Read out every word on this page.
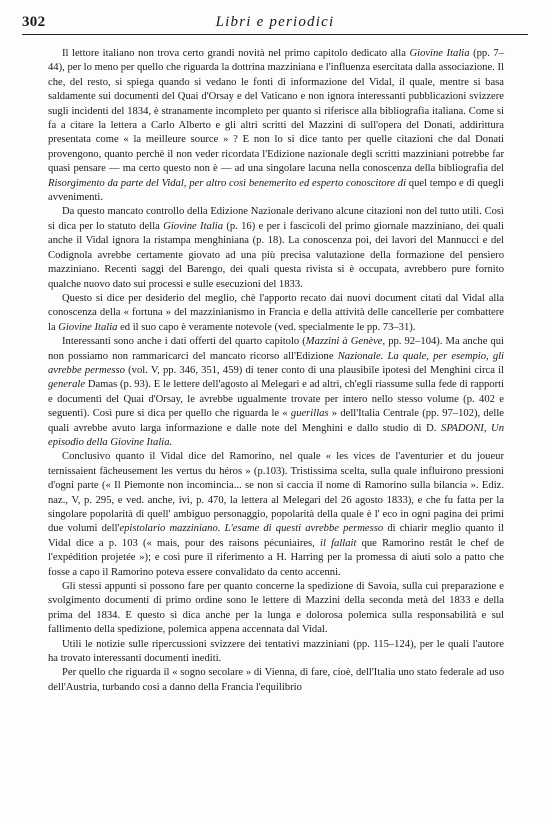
302	Libri e periodici

Il lettore italiano non trova certo grandi novità nel primo capitolo dedicato alla Giovine Italia (pp. 7–44), per lo meno per quello che riguarda la dottrina mazziniana e l'influenza esercitata dalla associazione. Il che, del resto, si spiega quando si vedano le fonti di informazione del Vidal, il quale, mentre si basa saldamente sui documenti del Quai d'Orsay e del Vaticano e non ignora interessanti pubblicazioni svizzere sugli incidenti del 1834, è stranamente incompleto per quanto si riferisce alla bibliografia italiana. Come si fa a citare la lettera a Carlo Alberto e gli altri scritti del Mazzini di sull'opera del Donati, addirittura presentata come « la meilleure source » ? E non lo si dice tanto per quelle citazioni che dal Donati provengono, quanto perchè il non veder ricordata l'Edizione nazionale degli scritti mazziniani potrebbe far quasi pensare — ma certo questo non è — ad una singolare lacuna nella conoscenza della bibliografia del Risorgimento da parte del Vidal, per altro così benemerito ed esperto conoscitore di quel tempo e di quegli avvenimenti.

Da questo mancato controllo della Edizione Nazionale derivano alcune citazioni non del tutto utili. Così si dica per lo statuto della Giovine Italia (p. 16) e per i fascicoli del primo giornale mazziniano, dei quali anche il Vidal ignora la ristampa menghiniana (p. 18). La conoscenza poi, dei lavori del Mannucci e del Codignola avrebbe certamente giovato ad una più precisa valutazione della formazione del pensiero mazziniano. Recenti saggi del Barengo, dei quali questa rivista si è occupata, avrebbero pure fornito qualche nuovo dato sui processi e sulle esecuzioni del 1833.

Questo si dice per desiderio del meglio, chè l'apporto recato dai nuovi document citati dal Vidal alla conoscenza della « fortuna » del mazzinianismo in Francia e della attività delle cancellerie per combattere la Giovine Italia ed il suo capo è veramente notevole (ved. specialmente le pp. 73–31).

Interessanti sono anche i dati offerti del quarto capitolo (Mazzini à Genève, pp. 92–104). Ma anche qui non possiamo non rammaricarci del mancato ricorso all'Edizione Nazionale. La quale, per esempio, gli avrebbe permesso (vol. V, pp. 346, 351, 459) di tener conto di una plausibile ipotesi del Menghini circa il generale Damas (p. 93). E le lettere dell'agosto al Melegari e ad altri, ch'egli riassume sulla fede di rapporti e documenti del Quai d'Orsay, le avrebbe ugualmente trovate per intero nello stesso volume (p. 402 e seguenti). Così pure si dica per quello che riguarda le « guerillas » dell'Italia Centrale (pp. 97–102), delle quali avrebbe avuto larga informazione e dalle note del Menghini e dallo studio di D. SPADONI, Un episodio della Giovine Italia.

Conclusivo quanto il Vidal dice del Ramorino, nel quale « les vices de l'aventurier et du joueur ternissaient fâcheusement les vertus du héros » (p.103). Tristissima scelta, sulla quale influirono pressioni d'ogni parte (« Il Piemonte non incominciа... se non si caccia il nome di Ramorino sulla bilancia ». Ediz. naz., V, p. 295, e ved. anche, ivi, p. 470, la lettera al Melegari del 26 agosto 1833), e che fu fatta per la singolare popolarità di quell' ambiguo personaggio, popolarità della quale è l' eco in ogni pagina dei primi due volumi dell'epistolario mazziniano. L'esame di questi avrebbe permesso di chiarir meglio quanto il Vidal dice a p. 103 (« mais, pour des raisons pécuniaires, il fallait que Ramorino restât le chef de l'expédition projetée »); e così pure il riferimento a H. Harring per la promessa di aiuti solo a patto che fosse a capo il Ramorino poteva essere convalidato da cento accenni.

Gli stessi appunti si possono fare per quanto concerne la spedizione di Savoia, sulla cui preparazione e svolgimento documenti di primo ordine sono le lettere di Mazzini della seconda metà del 1833 e della prima del 1834. E questo si dica anche per la lunga e dolorosa polemica sulla responsabilità e sul fallimento della spedizione, polemica appena accennata dal Vidal.

Utili le notizie sulle ripercussioni svizzere dei tentativi mazziniani (pp. 115–124), per le quali l'autore ha trovato interessanti documenti inediti.

Per quello che riguarda il « sogno secolare » di Vienna, di fare, cioè, dell'Italia uno stato federale ad uso dell'Austria, turbando così a danno della Francia l'equilibrio
